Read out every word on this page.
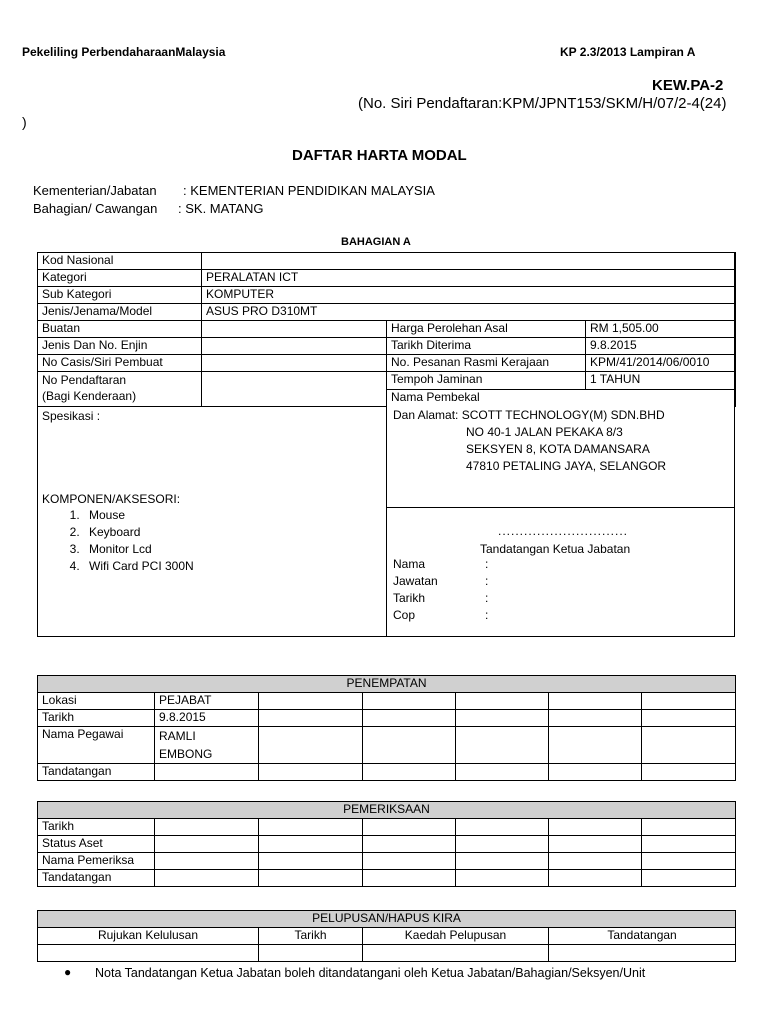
Pekeliling PerbendaharaanMalaysia	KP 2.3/2013 Lampiran A
KEW.PA-2
(No. Siri Pendaftaran:KPM/JPNT153/SKM/H/07/2-4(24)
)
DAFTAR HARTA MODAL
Kementerian/Jabatan : KEMENTERIAN PENDIDIKAN MALAYSIA
Bahagian/ Cawangan : SK. MATANG
BAHAGIAN A
Kod Nasional	
Kategori	PERALATAN ICT
Sub Kategori	KOMPUTER
Jenis/Jenama/Model	ASUS PRO D310MT
Buatan		Harga Perolehan Asal	RM 1,505.00
Jenis Dan No. Enjin		Tarikh Diterima	9.8.2015
No Casis/Siri Pembuat		No. Pesanan Rasmi Kerajaan	KPM/41/2014/06/0010

No Pendaftaran
(Bagi Kenderaan)		Tempoh Jaminan	1 TAHUN
		Nama Pembekal	
Spesikasi :
KOMPONEN/AKSESORI:
1. Mouse
2. Keyboard
3. Monitor Lcd
4. Wifi Card PCI 300N
Dan Alamat: SCOTT TECHNOLOGY(M) SDN.BHD
NO 40-1 JALAN PEKAKA 8/3
SEKSYEN 8, KOTA DAMANSARA
47810 PETALING JAYA, SELANGOR
..............................
Tandatangan Ketua Jabatan
Nama	:
Jawatan	:
Tarikh	:
Cop	:
PENEMPATAN						
Lokasi	PEJABAT					
Tarikh	9.8.2015					
Nama Pegawai	RAMLI
EMBONG					

Tandatangan						
PEMERIKSAAN						
Tarikh						
Status Aset						
Nama Pemeriksa						
Tandatangan						
PELUPUSAN/HAPUS KIRA			
Rujukan Kelulusan	Tarikh	Kaedah Pelupusan	Tandatangan

● Nota Tandatangan Ketua Jabatan boleh ditandatangani oleh Ketua Jabatan/Bahagian/Seksyen/Unit
